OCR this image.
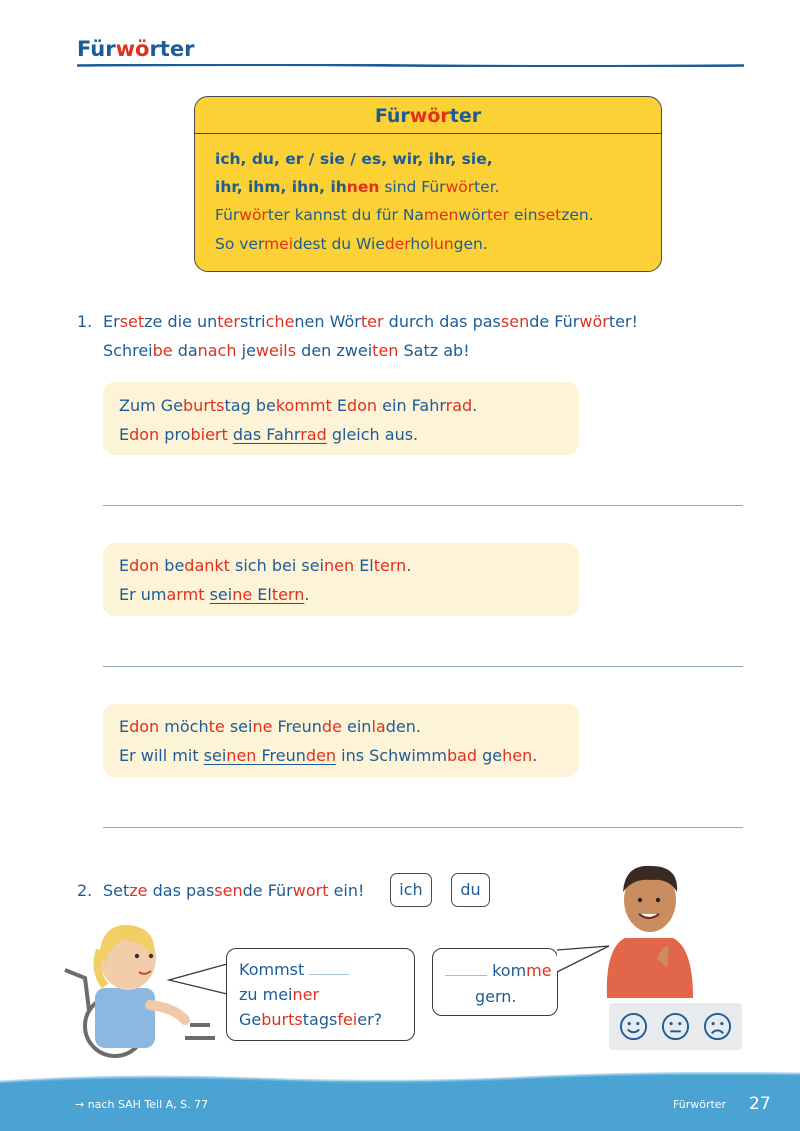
Fürwörter
Fürwörter
ich, du, er / sie / es, wir, ihr, sie,
ihr, ihm, ihn, ihnen sind Fürwörter.
Fürwörter kannst du für Namenwörter einsetzen.
So vermeidest du Wiederholungen.
1. Ersetze die unterstrichenen Wörter durch das passende Fürwörter!
Schreibe danach jeweils den zweiten Satz ab!
Zum Geburtstag bekommt Edon ein Fahrrad.
Edon probiert das Fahrrad gleich aus.
Edon bedankt sich bei seinen Eltern.
Er umarmt seine Eltern.
Edon möchte seine Freunde einladen.
Er will mit seinen Freunden ins Schwimmbad gehen.
2. Setze das passende Fürwort ein!	ich	du
Kommst
zu meiner
Geburtstagsfeier?
komme
gern.
→ nach SAH Teil A, S. 77	Fürwörter 27
